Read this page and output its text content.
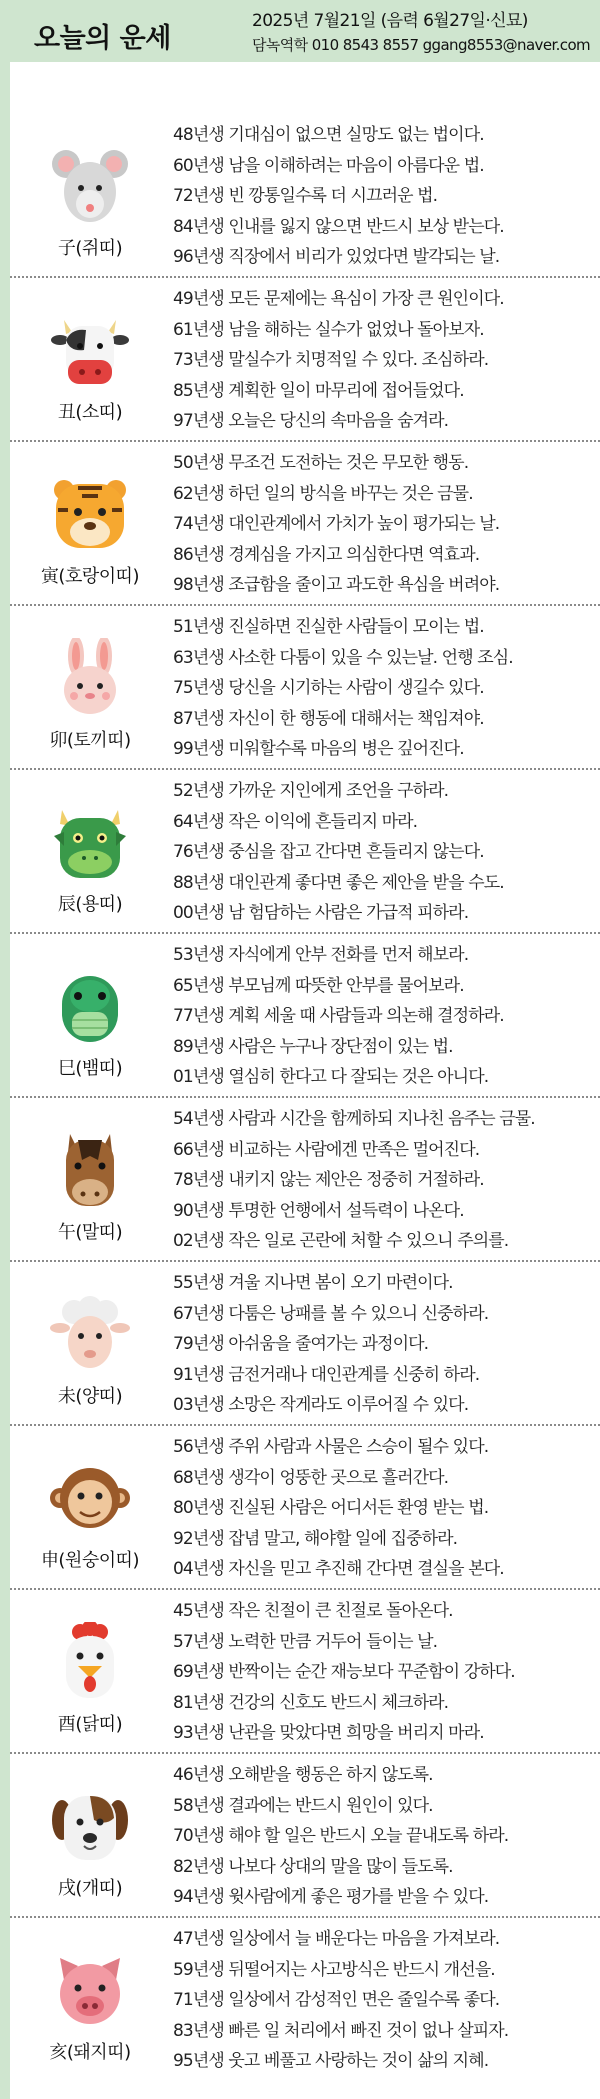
오늘의 운세
2025년 7월21일 (음력 6월27일·신묘)
담녹역학 010 8543 8557 ggang8553@naver.com
子(쥐띠)
48년생 기대심이 없으면 실망도 없는 법이다.
60년생 남을 이해하려는 마음이 아름다운 법.
72년생 빈 깡통일수록 더 시끄러운 법.
84년생 인내를 잃지 않으면 반드시 보상 받는다.
96년생 직장에서 비리가 있었다면 발각되는 날.
丑(소띠)
49년생 모든 문제에는 욕심이 가장 큰 원인이다.
61년생 남을 해하는 실수가 없었나 돌아보자.
73년생 말실수가 치명적일 수 있다. 조심하라.
85년생 계획한 일이 마무리에 접어들었다.
97년생 오늘은 당신의 속마음을 숨겨라.
寅(호랑이띠)
50년생 무조건 도전하는 것은 무모한 행동.
62년생 하던 일의 방식을 바꾸는 것은 금물.
74년생 대인관계에서 가치가 높이 평가되는 날.
86년생 경계심을 가지고 의심한다면 역효과.
98년생 조급함을 줄이고 과도한 욕심을 버려야.
卯(토끼띠)
51년생 진실하면 진실한 사람들이 모이는 법.
63년생 사소한 다툼이 있을 수 있는날. 언행 조심.
75년생 당신을 시기하는 사람이 생길수 있다.
87년생 자신이 한 행동에 대해서는 책임져야.
99년생 미워할수록 마음의 병은 깊어진다.
辰(용띠)
52년생 가까운 지인에게 조언을 구하라.
64년생 작은 이익에 흔들리지 마라.
76년생 중심을 잡고 간다면 흔들리지 않는다.
88년생 대인관계 좋다면 좋은 제안을 받을 수도.
00년생 남 험담하는 사람은 가급적 피하라.
巳(뱀띠)
53년생 자식에게 안부 전화를 먼저 해보라.
65년생 부모님께 따뜻한 안부를 물어보라.
77년생 계획 세울 때 사람들과 의논해 결정하라.
89년생 사람은 누구나 장단점이 있는 법.
01년생 열심히 한다고 다 잘되는 것은 아니다.
午(말띠)
54년생 사람과 시간을 함께하되 지나친 음주는 금물.
66년생 비교하는 사람에겐 만족은 멀어진다.
78년생 내키지 않는 제안은 정중히 거절하라.
90년생 투명한 언행에서 설득력이 나온다.
02년생 작은 일로 곤란에 처할 수 있으니 주의를.
未(양띠)
55년생 겨울 지나면 봄이 오기 마련이다.
67년생 다툼은 낭패를 볼 수 있으니 신중하라.
79년생 아쉬움을 줄여가는 과정이다.
91년생 금전거래나 대인관계를 신중히 하라.
03년생 소망은 작게라도 이루어질 수 있다.
申(원숭이띠)
56년생 주위 사람과 사물은 스승이 될수 있다.
68년생 생각이 엉뚱한 곳으로 흘러간다.
80년생 진실된 사람은 어디서든 환영 받는 법.
92년생 잡념 말고, 해야할 일에 집중하라.
04년생 자신을 믿고 추진해 간다면 결실을 본다.
酉(닭띠)
45년생 작은 친절이 큰 친절로 돌아온다.
57년생 노력한 만큼 거두어 들이는 날.
69년생 반짝이는 순간 재능보다 꾸준함이 강하다.
81년생 건강의 신호도 반드시 체크하라.
93년생 난관을 맞았다면 희망을 버리지 마라.
戌(개띠)
46년생 오해받을 행동은 하지 않도록.
58년생 결과에는 반드시 원인이 있다.
70년생 해야 할 일은 반드시 오늘 끝내도록 하라.
82년생 나보다 상대의 말을 많이 들도록.
94년생 윗사람에게 좋은 평가를 받을 수 있다.
亥(돼지띠)
47년생 일상에서 늘 배운다는 마음을 가져보라.
59년생 뒤떨어지는 사고방식은 반드시 개선을.
71년생 일상에서 감성적인 면은 줄일수록 좋다.
83년생 빠른 일 처리에서 빠진 것이 없나 살피자.
95년생 웃고 베풀고 사랑하는 것이 삶의 지혜.
